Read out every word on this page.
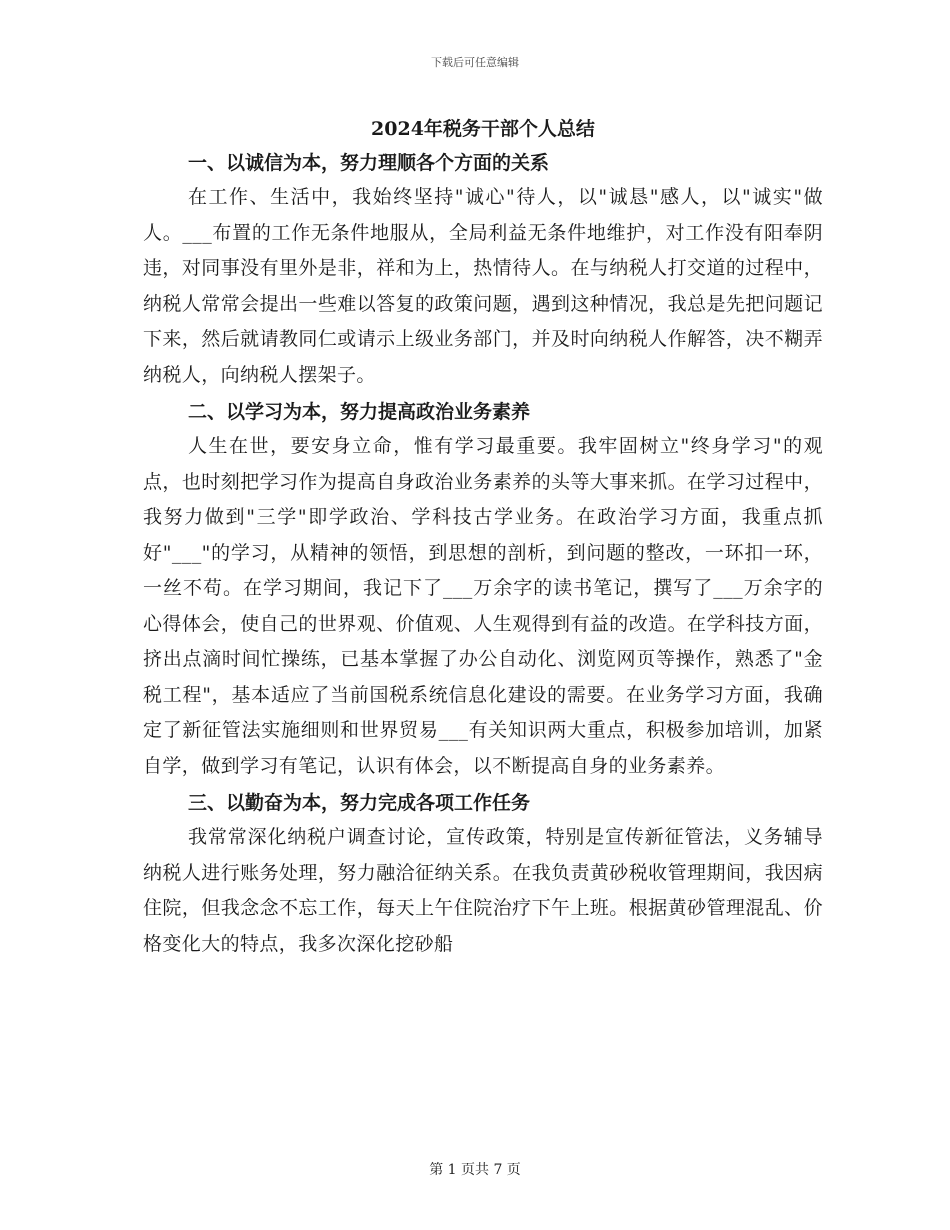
下载后可任意编辑
2024年税务干部个人总结
一、以诚信为本，努力理顺各个方面的关系

在工作、生活中，我始终坚持"诚心"待人，以"诚恳"感人，以"诚实"做人。___布置的工作无条件地服从，全局利益无条件地维护，对工作没有阳奉阴违，对同事没有里外是非，祥和为上，热情待人。在与纳税人打交道的过程中，纳税人常常会提出一些难以答复的政策问题，遇到这种情况，我总是先把问题记下来，然后就请教同仁或请示上级业务部门，并及时向纳税人作解答，决不糊弄纳税人，向纳税人摆架子。

二、以学习为本，努力提高政治业务素养

人生在世，要安身立命，惟有学习最重要。我牢固树立"终身学习"的观点，也时刻把学习作为提高自身政治业务素养的头等大事来抓。在学习过程中，我努力做到"三学"即学政治、学科技古学业务。在政治学习方面，我重点抓好"___"的学习，从精神的领悟，到思想的剖析，到问题的整改，一环扣一环，一丝不苟。在学习期间，我记下了___万余字的读书笔记，撰写了___万余字的心得体会，使自己的世界观、价值观、人生观得到有益的改造。在学科技方面，挤出点滴时间忙操练，已基本掌握了办公自动化、浏览网页等操作，熟悉了"金税工程"，基本适应了当前国税系统信息化建设的需要。在业务学习方面，我确定了新征管法实施细则和世界贸易___有关知识两大重点，积极参加培训，加紧自学，做到学习有笔记，认识有体会，以不断提高自身的业务素养。

三、以勤奋为本，努力完成各项工作任务

我常常深化纳税户调查讨论，宣传政策，特别是宣传新征管法，义务辅导纳税人进行账务处理，努力融洽征纳关系。在我负责黄砂税收管理期间，我因病住院，但我念念不忘工作，每天上午住院治疗下午上班。根据黄砂管理混乱、价格变化大的特点，我多次深化挖砂船

第 1 页共 7 页
